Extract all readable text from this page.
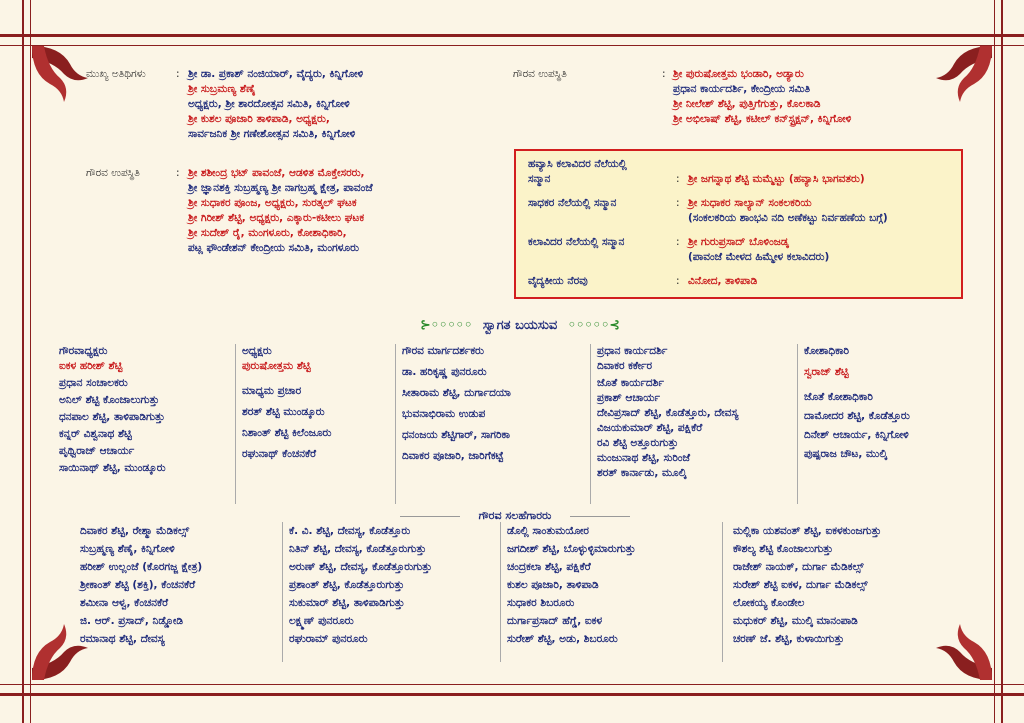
ಮುಖ್ಯ ಅತಿಥಿಗಳು	: ಶ್ರೀ ಡಾ. ಪ್ರಕಾಶ್ ನಂಜಿಯಾರ್, ವೈದ್ಯರು, ಕಿನ್ನಿಗೋಳಿ
ಶ್ರೀ ಸುಬ್ರಮಣ್ಯ ಶೆಣೈ
ಅಧ್ಯಕ್ಷರು, ಶ್ರೀ ಶಾರದೋತ್ಸವ ಸಮಿತಿ, ಕಿನ್ನಿಗೋಳಿ
ಶ್ರೀ ಕುಶಲ ಪೂಜಾರಿ ತಾಳಿಪಾಡಿ, ಅಧ್ಯಕ್ಷರು,
ಸಾರ್ವಜನಿಕ ಶ್ರೀ ಗಣೇಶೋತ್ಸವ ಸಮಿತಿ, ಕಿನ್ನಿಗೋಳಿ
ಗೌರವ ಉಪಸ್ಥಿತಿ	: ಶ್ರೀ ಶಶೀಂದ್ರ ಭಟ್ ಪಾವಂಜೆ, ಆಡಳಿತ ಮೊಕ್ತೇಸರರು,
ಶ್ರೀ ಜ್ಞಾನಶಕ್ತಿ ಸುಬ್ರಹ್ಮಣ್ಯ ಶ್ರೀ ನಾಗಬ್ರಹ್ಮ ಕ್ಷೇತ್ರ, ಪಾವಂಜೆ
ಶ್ರೀ ಸುಧಾಕರ ಪೂಂಜ, ಅಧ್ಯಕ್ಷರು, ಸುರತ್ಕಲ್ ಘಟಕ
ಶ್ರೀ ಗಿರೀಶ್ ಶೆಟ್ಟಿ, ಅಧ್ಯಕ್ಷರು, ಎಕ್ಕಾರು-ಕಟೀಲು ಘಟಕ
ಶ್ರೀ ಸುದೇಶ್ ರೈ, ಮಂಗಳೂರು, ಕೋಶಾಧಿಕಾರಿ,
ಪಟ್ಲ ಫೌಂಡೇಶನ್ ಕೇಂದ್ರೀಯ ಸಮಿತಿ, ಮಂಗಳೂರು
ಗೌರವ ಉಪಸ್ಥಿತಿ	: ಶ್ರೀ ಪುರುಷೋತ್ತಮ ಭಂಡಾರಿ, ಅಡ್ಯಾರು
ಪ್ರಧಾನ ಕಾರ್ಯದರ್ಶಿ, ಕೇಂದ್ರೀಯ ಸಮಿತಿ
ಶ್ರೀ ನೀಲೇಶ್ ಶೆಟ್ಟಿ, ಪುತ್ತಿಗೆಗುತ್ತು, ಕೊಲಕಾಡಿ
ಶ್ರೀ ಅಭಿಲಾಷ್ ಶೆಟ್ಟಿ, ಕಟೀಲ್ ಕನ್‌ಸ್ಟ್ರಕ್ಷನ್, ಕಿನ್ನಿಗೋಳಿ
ಹವ್ಯಾಸಿ ಕಲಾವಿದರ ನೆಲೆಯಲ್ಲಿ
ಸನ್ಮಾನ	: ಶ್ರೀ ಜಗನ್ನಾಥ ಶೆಟ್ಟಿ ಮಮ್ಮೆಟ್ಟು (ಹವ್ಯಾಸಿ ಭಾಗವತರು)
ಸಾಧಕರ ನೆಲೆಯಲ್ಲಿ ಸನ್ಮಾನ	: ಶ್ರೀ ಸುಧಾಕರ ಸಾಲ್ಯಾನ್ ಸಂಕಲಕರಿಯ
(ಸಂಕಲಕರಿಯ ಶಾಂಭವಿ ನದಿ ಅಣೆಕಟ್ಟು ನಿರ್ವಹಣೆಯ ಬಗ್ಗೆ)
ಕಲಾವಿದರ ನೆಲೆಯಲ್ಲಿ ಸನ್ಮಾನ	: ಶ್ರೀ ಗುರುಪ್ರಸಾದ್ ಬೊಳಿಂಜಡ್ಕ
(ಪಾವಂಜೆ ಮೇಳದ ಹಿಮ್ಮೇಳ ಕಲಾವಿದರು)
ವೈದ್ಯಕೀಯ ನೆರವು	: ವಿನೋದ, ತಾಳಿಪಾಡಿ
⊱◦◦◦◦◦ ಸ್ವಾಗತ ಬಯಸುವ ◦◦◦◦◦⊰
ಗೌರವಾಧ್ಯಕ್ಷರು
ಐಕಳ ಹರೀಶ್ ಶೆಟ್ಟಿ
ಪ್ರಧಾನ ಸಂಚಾಲಕರು
ಅನಿಲ್ ಶೆಟ್ಟಿ ಕೊಂಜಾಲುಗುತ್ತು
ಧನಪಾಲ ಶೆಟ್ಟಿ, ತಾಳಿಪಾಡಿಗುತ್ತು
ಕನ್ನರ್ ವಿಶ್ವನಾಥ ಶೆಟ್ಟಿ
ಪೃಥ್ವಿರಾಜ್ ಆಚಾರ್ಯ
ಸಾಯಿನಾಥ್ ಶೆಟ್ಟಿ, ಮುಂಡ್ಕೂರು
ಅಧ್ಯಕ್ಷರು
ಪುರುಷೋತ್ತಮ ಶೆಟ್ಟಿ
ಮಾಧ್ಯಮ ಪ್ರಚಾರ
ಶರತ್ ಶೆಟ್ಟಿ ಮುಂಡ್ಕೂರು
ನಿಶಾಂತ್ ಶೆಟ್ಟಿ ಕಿಲೆಂಜೂರು
ರಘುನಾಥ್ ಕೆಂಚನಕೆರೆ
ಗೌರವ ಮಾರ್ಗದರ್ಶಕರು
ಡಾ. ಹರಿಕೃಷ್ಣ ಪುನರೂರು
ಸೀತಾರಾಮ ಶೆಟ್ಟಿ, ದುರ್ಗಾದಯಾ
ಭುವನಾಭಿರಾಮ ಉಡುಪ
ಧನಂಜಯ ಶೆಟ್ಟಿಗಾರ್, ಸಾಗರಿಕಾ
ದಿವಾಕರ ಪೂಜಾರಿ, ಜಾರಿಗೆಕಟ್ಟೆ
ಪ್ರಧಾನ ಕಾರ್ಯದರ್ಶಿ
ದಿವಾಕರ ಕರ್ಕೇರ
ಜೊತೆ ಕಾರ್ಯದರ್ಶಿ
ಪ್ರಕಾಶ್ ಆಚಾರ್ಯ
ದೇವಿಪ್ರಸಾದ್ ಶೆಟ್ಟಿ, ಕೊಡೆತ್ತೂರು, ದೇವಸ್ಯ
ವಿಜಯಕುಮಾರ್ ಶೆಟ್ಟಿ, ಪಕ್ಷಿಕೆರೆ
ರವಿ ಶೆಟ್ಟಿ ಅತ್ತೂರುಗುತ್ತು
ಮಂಜುನಾಥ ಶೆಟ್ಟಿ, ಸುರಿಂಜೆ
ಶರತ್ ಕಾರ್ನಾಡು, ಮೂಲ್ಕಿ
ಕೋಶಾಧಿಕಾರಿ
ಸ್ವರಾಜ್ ಶೆಟ್ಟಿ
ಜೊತೆ ಕೋಶಾಧಿಕಾರಿ
ದಾಮೋದರ ಶೆಟ್ಟಿ, ಕೊಡೆತ್ತೂರು
ದಿನೇಶ್ ಆಚಾರ್ಯ, ಕಿನ್ನಿಗೋಳಿ
ಪುಷ್ಪರಾಜ ಚೌಟ, ಮುಲ್ಕಿ
ಗೌರವ ಸಲಹೆಗಾರರು
ದಿವಾಕರ ಶೆಟ್ಟಿ, ರೇಶ್ಮಾ ಮೆಡಿಕಲ್ಸ್
ಸುಬ್ರಹ್ಮಣ್ಯ ಶೆಣೈ, ಕಿನ್ನಿಗೋಳಿ
ಹರೀಶ್ ಉಲ್ಲಂಜೆ (ಕೊರಗಜ್ಜ ಕ್ಷೇತ್ರ)
ಶ್ರೀಕಾಂತ್ ಶೆಟ್ಟಿ (ಶಕ್ತಿ), ಕೆಂಚನಕೆರೆ
ಶಮೀನಾ ಆಳ್ವ, ಕೆಂಚನಕೆರೆ
ಜಿ. ಆರ್. ಪ್ರಸಾದ್, ನಿಡ್ಡೋಡಿ
ರಮಾನಾಥ ಶೆಟ್ಟಿ, ದೇವಸ್ಯ
ಕೆ. ವಿ. ಶೆಟ್ಟಿ, ದೇವಸ್ಯ, ಕೊಡೆತ್ತೂರು
ನಿತಿನ್ ಶೆಟ್ಟಿ, ದೇವಸ್ಯ, ಕೊಡೆತ್ತೂರುಗುತ್ತು
ಅರುಣ್ ಶೆಟ್ಟಿ, ದೇವಸ್ಯ, ಕೊಡೆತ್ತೂರುಗುತ್ತು
ಪ್ರಶಾಂತ್ ಶೆಟ್ಟಿ, ಕೊಡೆತ್ತೂರುಗುತ್ತು
ಸುಕುಮಾರ್ ಶೆಟ್ಟಿ, ತಾಳಿಪಾಡಿಗುತ್ತು
ಲಕ್ಷ್ಮಣ್ ಪುನರೂರು
ರಘುರಾಮ್ ಪುನರೂರು
ಡೊಲ್ಲಿ ಸಾಂತುಮಯೋರ
ಜಗದೀಶ್ ಶೆಟ್ಟಿ, ಬೊಳ್ಳುಳ್ಳಿಮಾರುಗುತ್ತು
ಚಂದ್ರಕಲಾ ಶೆಟ್ಟಿ, ಪಕ್ಷಿಕೆರೆ
ಕುಶಲ ಪೂಜಾರಿ, ತಾಳಿಪಾಡಿ
ಸುಧಾಕರ ಶಿಬರೂರು
ದುರ್ಗಾಪ್ರಸಾದ್ ಹೆಗ್ಡೆ, ಐಕಳ
ಸುರೇಶ್ ಶೆಟ್ಟಿ, ಅಡು, ಶಿಬರೂರು
ಮಲ್ಲಿಕಾ ಯಶವಂತ್ ಶೆಟ್ಟಿ, ಐಕಳಕುಂಜಗುತ್ತು
ಕೌಶಲ್ಯ ಶೆಟ್ಟಿ ಕೊಂಜಾಲುಗುತ್ತು
ರಾಜೇಶ್ ನಾಯಕ್, ದುರ್ಗಾ ಮೆಡಿಕಲ್ಸ್
ಸುರೇಶ್ ಶೆಟ್ಟಿ ಐಕಳ, ದುರ್ಗಾ ಮೆಡಿಕಲ್ಸ್
ಲೋಕಯ್ಯ ಕೊಂಡೇಲ
ಮಧುಕರ್ ಶೆಟ್ಟಿ, ಮುಲ್ಕಿ ಮಾನಂಪಾಡಿ
ಚರಣ್ ಜೆ. ಶೆಟ್ಟಿ, ಕುಳಾಯಿಗುತ್ತು
